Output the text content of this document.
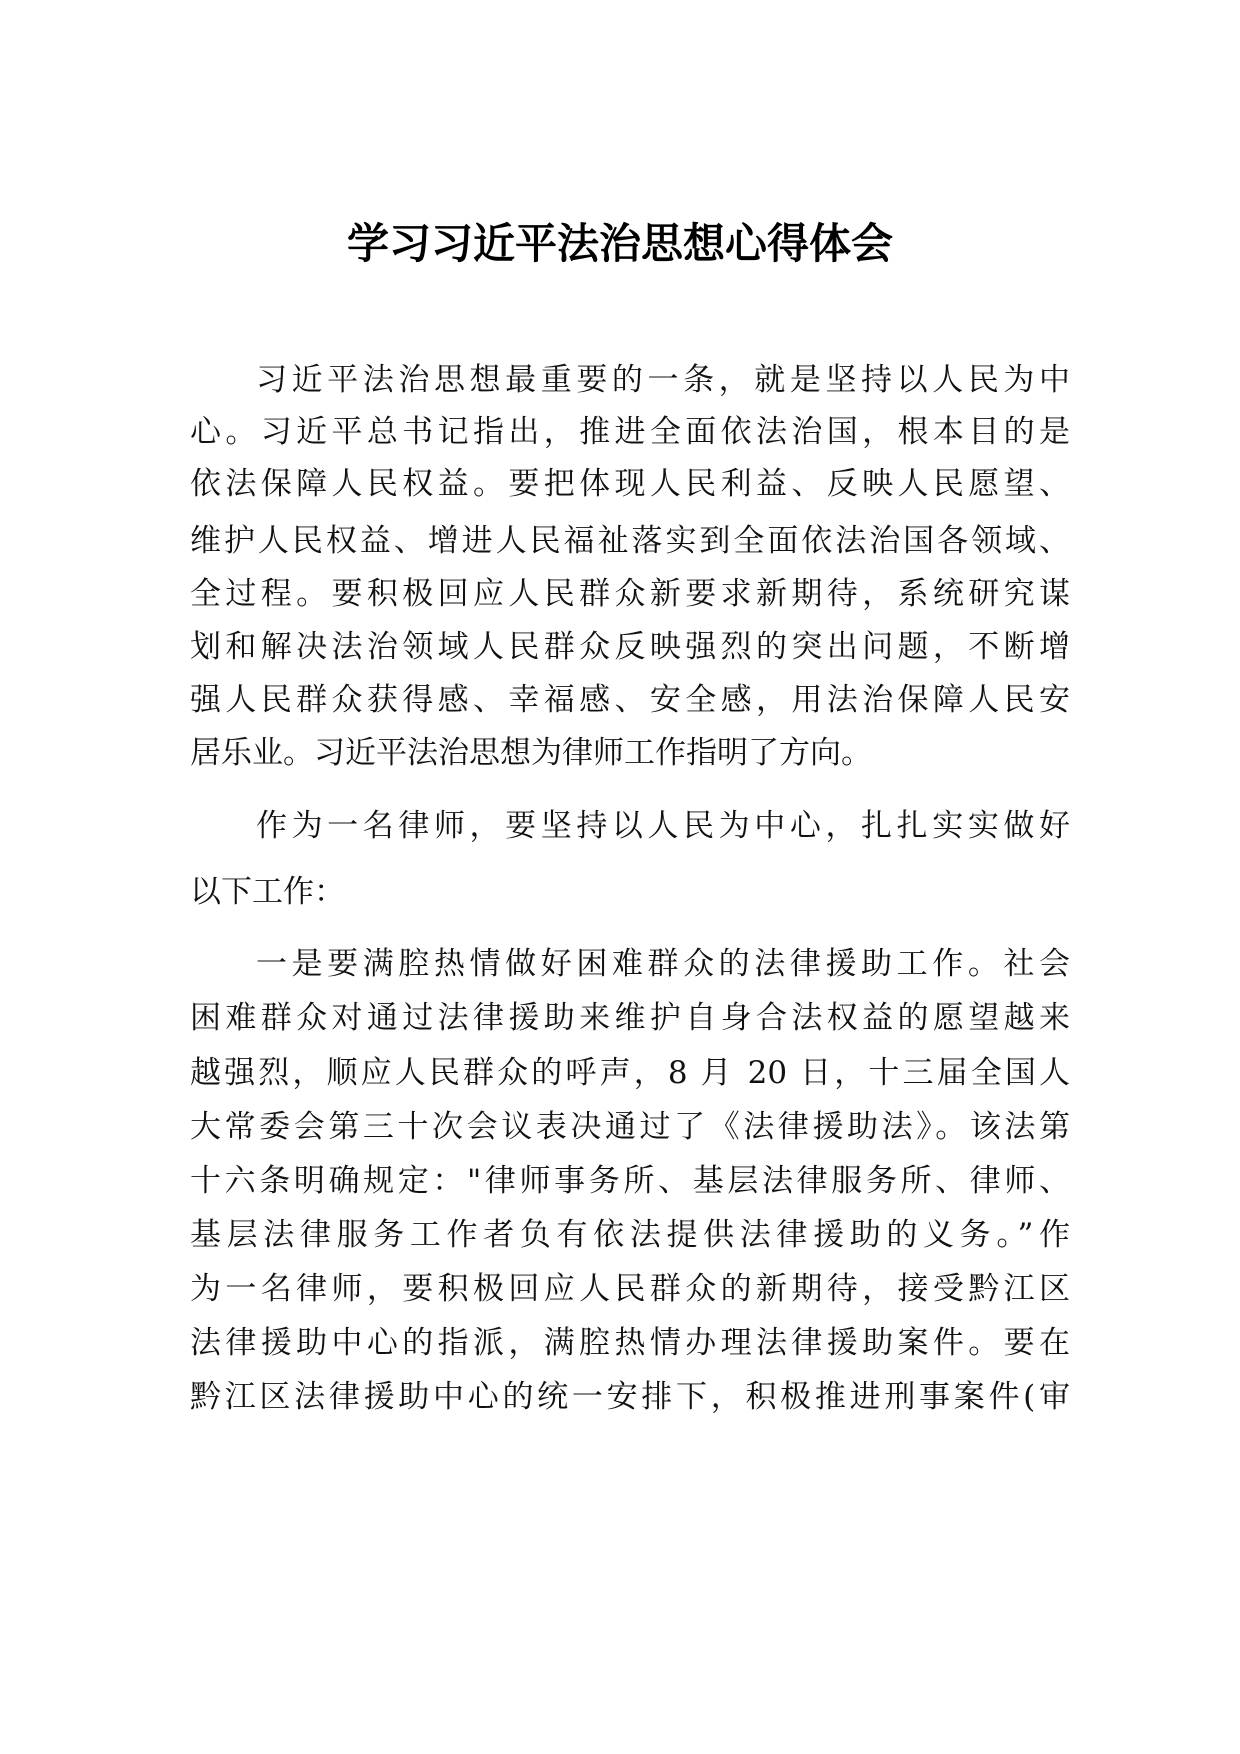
学习习近平法治思想心得体会
习近平法治思想最重要的一条，就是坚持以人民为中
心。习近平总书记指出，推进全面依法治国，根本目的是
依法保障人民权益。要把体现人民利益、反映人民愿望、
维护人民权益、增进人民福祉落实到全面依法治国各领域、
全过程。要积极回应人民群众新要求新期待，系统研究谋
划和解决法治领域人民群众反映强烈的突出问题，不断增
强人民群众获得感、幸福感、安全感，用法治保障人民安
居乐业。习近平法治思想为律师工作指明了方向。
作为一名律师，要坚持以人民为中心，扎扎实实做好
以下工作：
一是要满腔热情做好困难群众的法律援助工作。社会
困难群众对通过法律援助来维护自身合法权益的愿望越来
越强烈，顺应人民群众的呼声，8 月 20 日，十三届全国人
大常委会第三十次会议表决通过了《法律援助法》。该法第
十六条明确规定："律师事务所、基层法律服务所、律师、
基层法律服务工作者负有依法提供法律援助的义务。”作
为一名律师，要积极回应人民群众的新期待，接受黔江区
法律援助中心的指派，满腔热情办理法律援助案件。要在
黔江区法律援助中心的统一安排下，积极推进刑事案件(审
